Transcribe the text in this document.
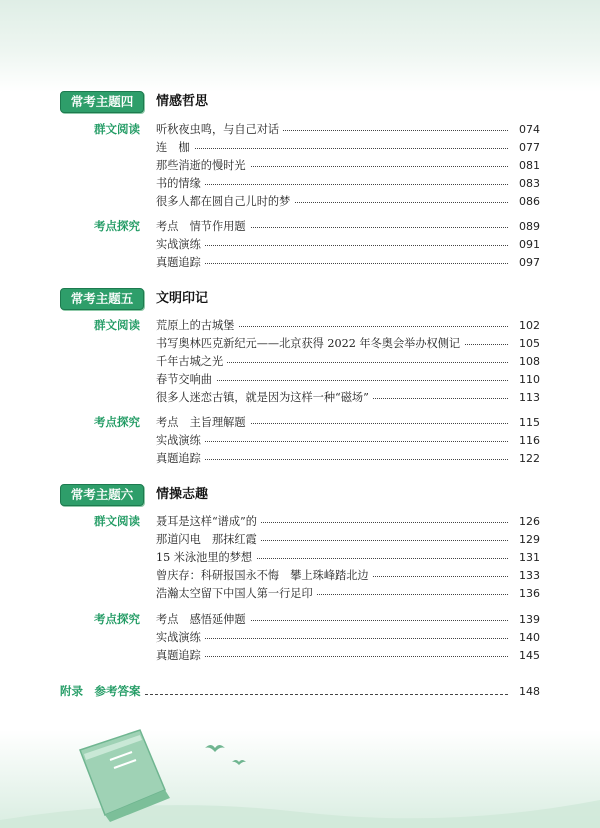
常考主题四	情感哲思
群文阅读 听秋夜虫鸣，与自己对话	074
连　枷	077
那些消逝的慢时光	081
书的情缘	083
很多人都在圆自己儿时的梦	086
考点探究 考点　情节作用题	089
实战演练	091
真题追踪	097
常考主题五	文明印记
群文阅读 荒原上的古城堡	102
书写奥林匹克新纪元——北京获得 2022 年冬奥会举办权侧记	105
千年古城之光	108
春节交响曲	110
很多人迷恋古镇，就是因为这样一种“磁场”	113
考点探究 考点　主旨理解题	115
实战演练	116
真题追踪	122
常考主题六	情操志趣
群文阅读 聂耳是这样“谱成”的	126
那道闪电　那抹红霞	129
15 米泳池里的梦想	131
曾庆存：科研报国永不悔　攀上珠峰踏北边	133
浩瀚太空留下中国人第一行足印	136
考点探究 考点　感悟延伸题	139
实战演练	140
真题追踪	145
附录　参考答案	148
